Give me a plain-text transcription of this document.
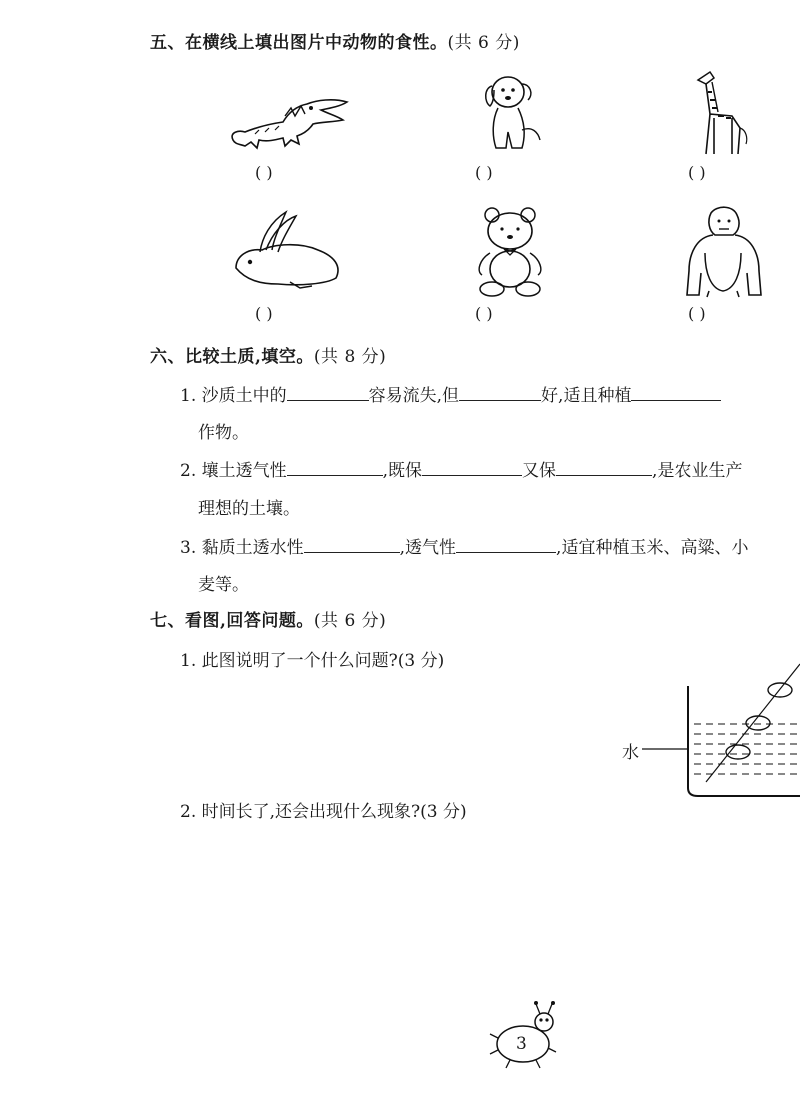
五、在横线上填出图片中动物的食性。(共 6 分)
( )	( )	( )
( )	( )	( )
六、比较土质,填空。(共 8 分)
1. 沙质土中的	容易流失,但	好,适且种植
作物。
2. 壤土透气性	,既保	又保	,是农业生产
理想的土壤。
3. 黏质土透水性	,透气性	,适宜种植玉米、高粱、小
麦等。
七、看图,回答问题。(共 6 分)
1. 此图说明了一个什么问题?(3 分)
水
2. 时间长了,还会出现什么现象?(3 分)
3
